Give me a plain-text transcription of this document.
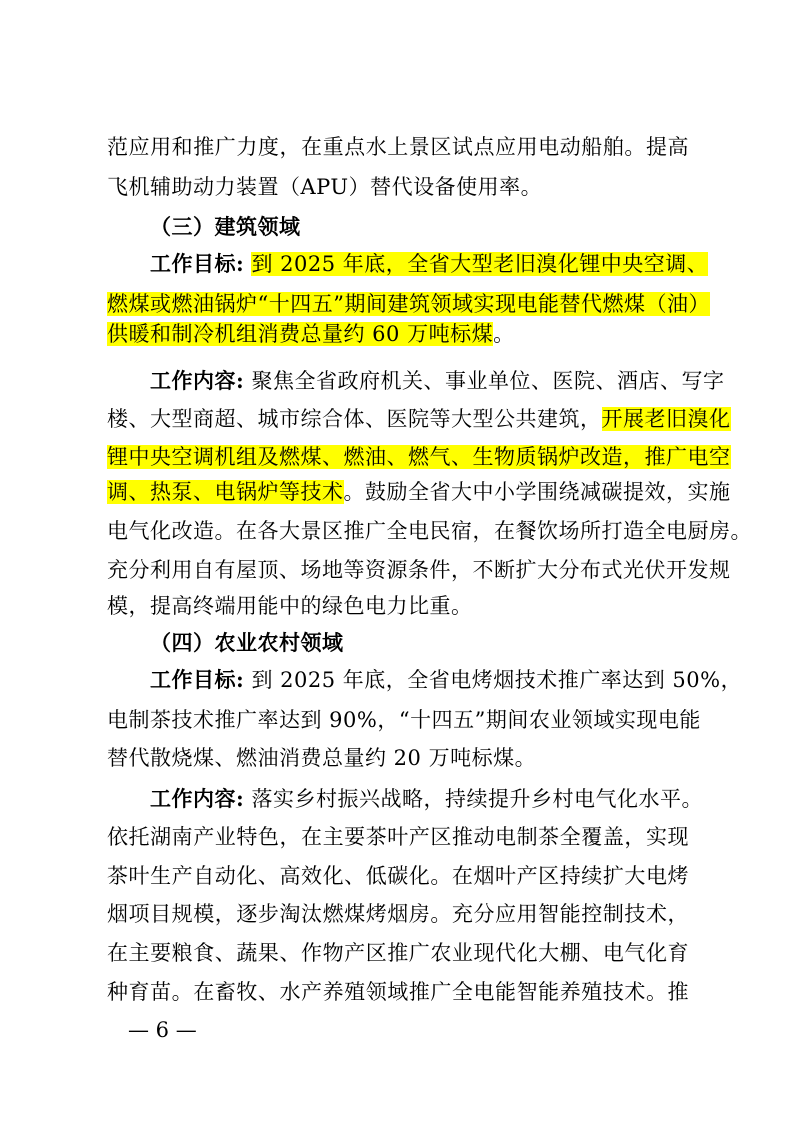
范应用和推广力度，在重点水上景区试点应用电动船舶。提高
飞机辅助动力装置（APU）替代设备使用率。
（三）建筑领域
工作目标: 到 2025 年底，全省大型老旧溴化锂中央空调、
燃煤或燃油锅炉“十四五”期间建筑领域实现电能替代燃煤（油）
供暖和制冷机组消费总量约 60 万吨标煤。
工作内容: 聚焦全省政府机关、事业单位、医院、酒店、写字
楼、大型商超、城市综合体、医院等大型公共建筑，开展老旧溴化
锂中央空调机组及燃煤、燃油、燃气、生物质锅炉改造，推广电空
调、热泵、电锅炉等技术。鼓励全省大中小学围绕减碳提效，实施
电气化改造。在各大景区推广全电民宿，在餐饮场所打造全电厨房。
充分利用自有屋顶、场地等资源条件，不断扩大分布式光伏开发规
模，提高终端用能中的绿色电力比重。
（四）农业农村领域
工作目标: 到 2025 年底，全省电烤烟技术推广率达到 50%，
电制茶技术推广率达到 90%，“十四五”期间农业领域实现电能
替代散烧煤、燃油消费总量约 20 万吨标煤。
工作内容: 落实乡村振兴战略，持续提升乡村电气化水平。
依托湖南产业特色，在主要茶叶产区推动电制茶全覆盖，实现
茶叶生产自动化、高效化、低碳化。在烟叶产区持续扩大电烤
烟项目规模，逐步淘汰燃煤烤烟房。充分应用智能控制技术，
在主要粮食、蔬果、作物产区推广农业现代化大棚、电气化育
种育苗。在畜牧、水产养殖领域推广全电能智能养殖技术。推
— 6 —
